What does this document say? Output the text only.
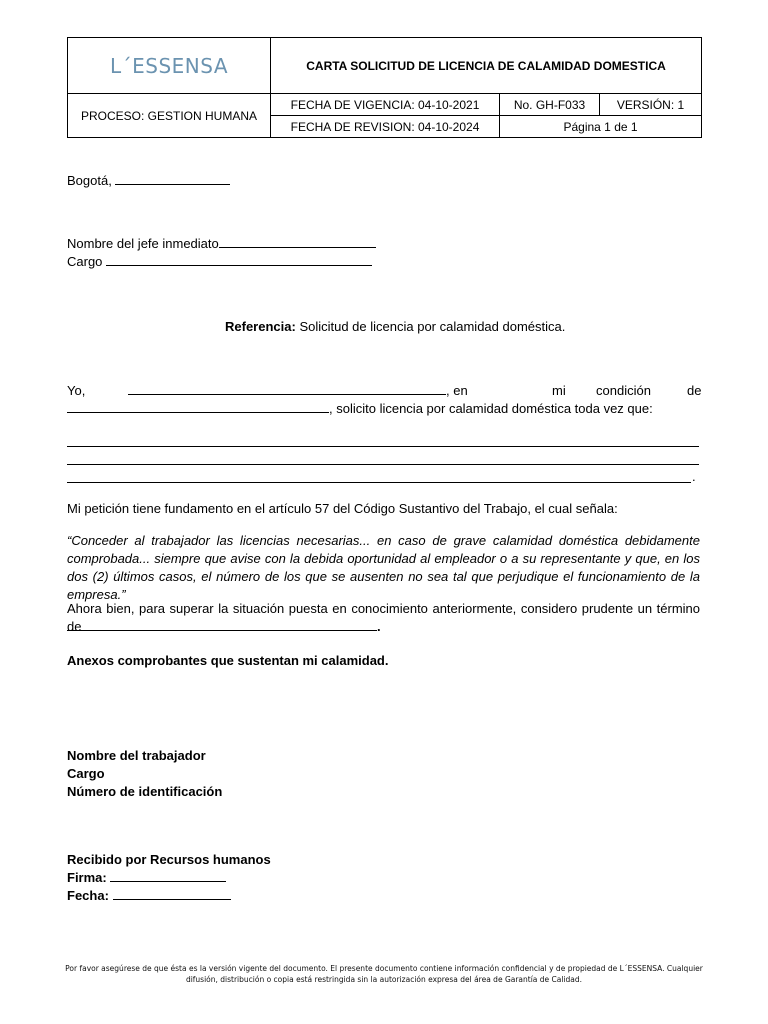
L´ESSENSA	CARTA SOLICITUD DE LICENCIA DE CALAMIDAD DOMESTICA		
PROCESO: GESTION HUMANA	FECHA DE VIGENCIA: 04-10-2021	No. GH-F033	VERSIÓN: 1
	FECHA DE REVISION: 04-10-2024	Página 1 de 1	
Bogotá,
Nombre del jefe inmediato
Cargo
Referencia: Solicitud de licencia por calamidad doméstica.
Yo,	, en	mi condición	de
, solicito licencia por calamidad doméstica toda vez que:
.
Mi petición tiene fundamento en el artículo 57 del Código Sustantivo del Trabajo, el cual señala:
“Conceder al trabajador las licencias necesarias... en caso de grave calamidad doméstica debidamente comprobada... siempre que avise con la debida oportunidad al empleador o a su representante y que, en los dos (2) últimos casos, el número de los que se ausenten no sea tal que perjudique el funcionamiento de la empresa.”
Ahora bien, para superar la situación puesta en conocimiento anteriormente, considero prudente un término de	.
Anexos comprobantes que sustentan mi calamidad.
Nombre del trabajador
Cargo
Número de identificación
Recibido por Recursos humanos
Firma:
Fecha:
Por favor asegúrese de que ésta es la versión vigente del documento. El presente documento contiene información confidencial y de propiedad de L´ESSENSA. Cualquier
difusión, distribución o copia está restringida sin la autorización expresa del área de Garantía de Calidad.
